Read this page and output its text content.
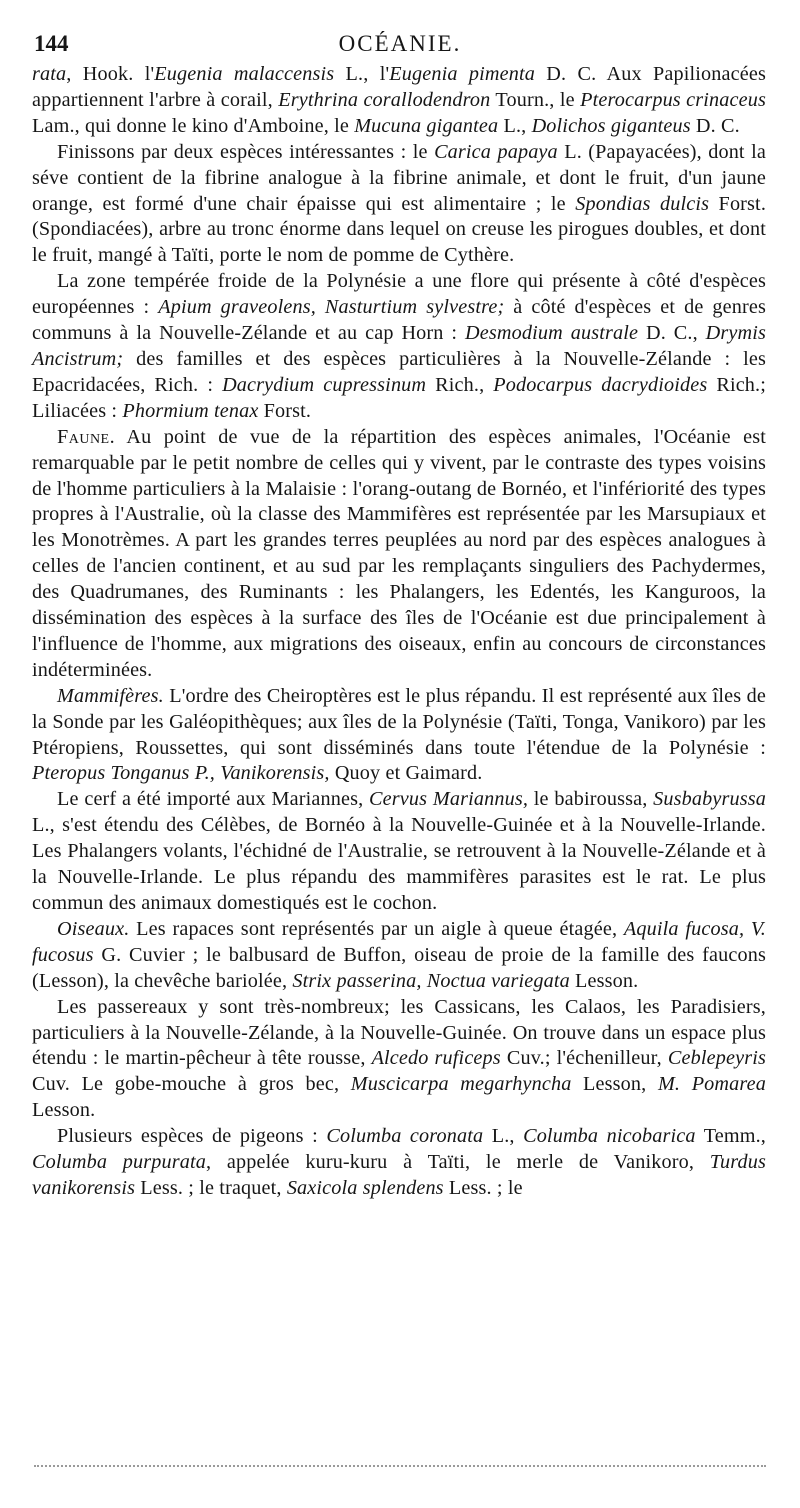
144	OCÉANIE.

rata, Hook. l'Eugenia malaccensis L., l'Eugenia pimenta D. C. Aux Papilionacées appartiennent l'arbre à corail, Erythrina corallodendron Tourn., le Pterocarpus crinaceus Lam., qui donne le kino d'Amboine, le Mucuna gigantea L., Dolichos giganteus D. C.

Finissons par deux espèces intéressantes : le Carica papaya L. (Papayacées), dont la séve contient de la fibrine analogue à la fibrine animale, et dont le fruit, d'un jaune orange, est formé d'une chair épaisse qui est alimentaire ; le Spondias dulcis Forst. (Spondiacées), arbre au tronc énorme dans lequel on creuse les pirogues doubles, et dont le fruit, mangé à Taïti, porte le nom de pomme de Cythère.

La zone tempérée froide de la Polynésie a une flore qui présente à côté d'espèces européennes : Apium graveolens, Nasturtium sylvestre; à côté d'espèces et de genres communs à la Nouvelle-Zélande et au cap Horn : Desmodium australe D. C., Drymis Ancistrum; des familles et des espèces particulières à la Nouvelle-Zélande : les Epacridacées, Rich. : Dacrydium cupressinum Rich., Podocarpus dacrydioides Rich.; Liliacées : Phormium tenax Forst.

Faune. Au point de vue de la répartition des espèces animales, l'Océanie est remarquable par le petit nombre de celles qui y vivent, par le contraste des types voisins de l'homme particuliers à la Malaisie : l'orang-outang de Bornéo, et l'infériorité des types propres à l'Australie, où la classe des Mammifères est représentée par les Marsupiaux et les Monotrèmes. A part les grandes terres peuplées au nord par des espèces analogues à celles de l'ancien continent, et au sud par les remplaçants singuliers des Pachydermes, des Quadrumanes, des Ruminants : les Phalangers, les Edentés, les Kanguroos, la dissémination des espèces à la surface des îles de l'Océanie est due principalement à l'influence de l'homme, aux migrations des oiseaux, enfin au concours de circonstances indéterminées.

Mammifères. L'ordre des Cheiroptères est le plus répandu. Il est représenté aux îles de la Sonde par les Galéopithèques; aux îles de la Polynésie (Taïti, Tonga, Vanikoro) par les Ptéropiens, Roussettes, qui sont disséminés dans toute l'étendue de la Polynésie : Pteropus Tonganus P., Vanikorensis, Quoy et Gaimard.

Le cerf a été importé aux Mariannes, Cervus Mariannus, le babiroussa, Susbabyrussa L., s'est étendu des Célèbes, de Bornéo à la Nouvelle-Guinée et à la Nouvelle-Irlande. Les Phalangers volants, l'échidné de l'Australie, se retrouvent à la Nouvelle-Zélande et à la Nouvelle-Irlande. Le plus répandu des mammifères parasites est le rat. Le plus commun des animaux domestiqués est le cochon.

Oiseaux. Les rapaces sont représentés par un aigle à queue étagée, Aquila fucosa, V. fucosus G. Cuvier ; le balbusard de Buffon, oiseau de proie de la famille des faucons (Lesson), la chevêche bariolée, Strix passerina, Noctua variegata Lesson.

Les passereaux y sont très-nombreux; les Cassicans, les Calaos, les Paradisiers, particuliers à la Nouvelle-Zélande, à la Nouvelle-Guinée. On trouve dans un espace plus étendu : le martin-pêcheur à tête rousse, Alcedo ruficeps Cuv.; l'échenilleur, Ceblepeyris Cuv. Le gobe-mouche à gros bec, Muscicarpa megarhyncha Lesson, M. Pomarea Lesson.

Plusieurs espèces de pigeons : Columba coronata L., Columba nicobarica Temm., Columba purpurata, appelée kuru-kuru à Taïti, le merle de Vanikoro, Turdus vanikorensis Less. ; le traquet, Saxicola splendens Less. ; le
